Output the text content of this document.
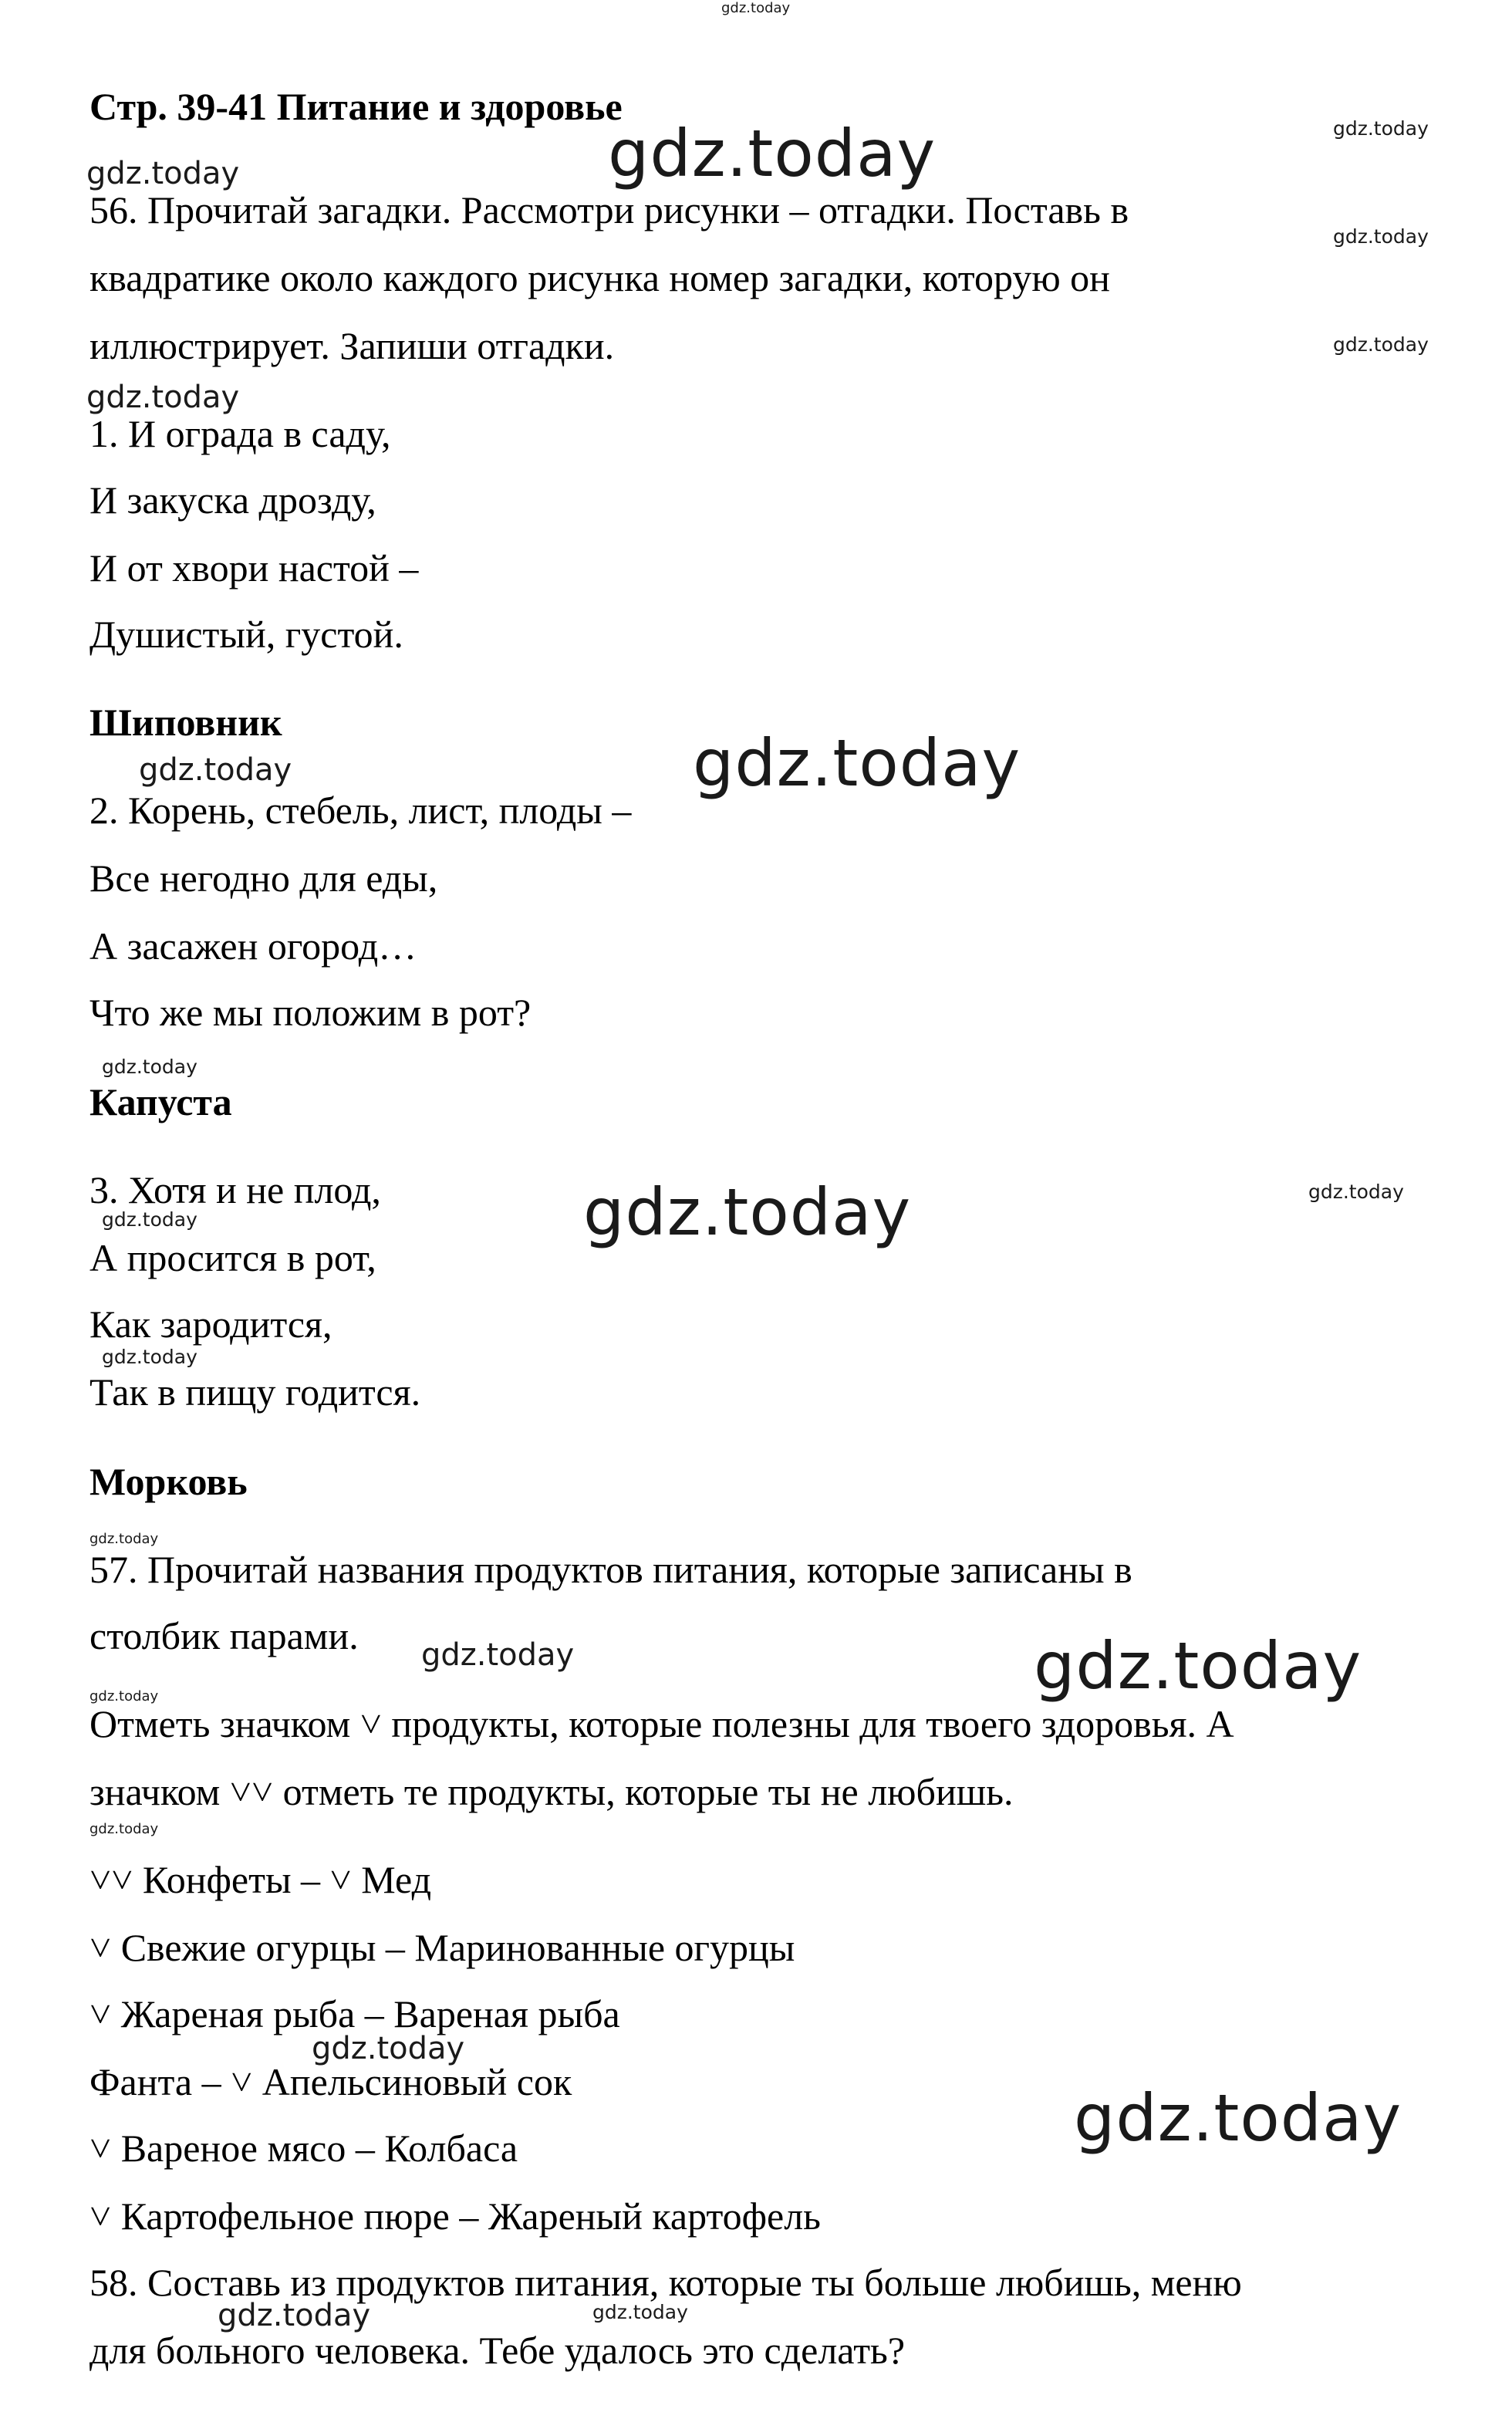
gdz.today
gdz.today
gdz.today
gdz.today
gdz.today
gdz.today
gdz.today
gdz.today
gdz.today
gdz.today
gdz.today	gdz.today
gdz.today
gdz.today
gdz.today
gdz.today	gdz.today
gdz.today
gdz.today
gdz.today
gdz.today
gdz.today	gdz.today
Стр. 39-41 Питание и здоровье
56. Прочитай загадки. Рассмотри рисунки – отгадки. Поставь в
квадратике около каждого рисунка номер загадки, которую он
иллюстрирует. Запиши отгадки.
1. И ограда в саду,
И закуска дрозду,
И от хвори настой –
Душистый, густой.
Шиповник
2. Корень, стебель, лист, плоды –
Все негодно для еды,
А засажен огород…
Что же мы положим в рот?
Капуста
3. Хотя и не плод,
А просится в рот,
Как зародится,
Так в пищу годится.
Морковь
57. Прочитай названия продуктов питания, которые записаны в
столбик парами.
Отметь значком ˅ продукты, которые полезны для твоего здоровья. А
значком ˅˅ отметь те продукты, которые ты не любишь.
˅˅ Конфеты – ˅ Мед
˅ Свежие огурцы – Маринованные огурцы
˅ Жареная рыба – Вареная рыба
Фанта – ˅ Апельсиновый сок
˅ Вареное мясо – Колбаса
˅ Картофельное пюре – Жареный картофель
58. Составь из продуктов питания, которые ты больше любишь, меню
для больного человека. Тебе удалось это сделать?
